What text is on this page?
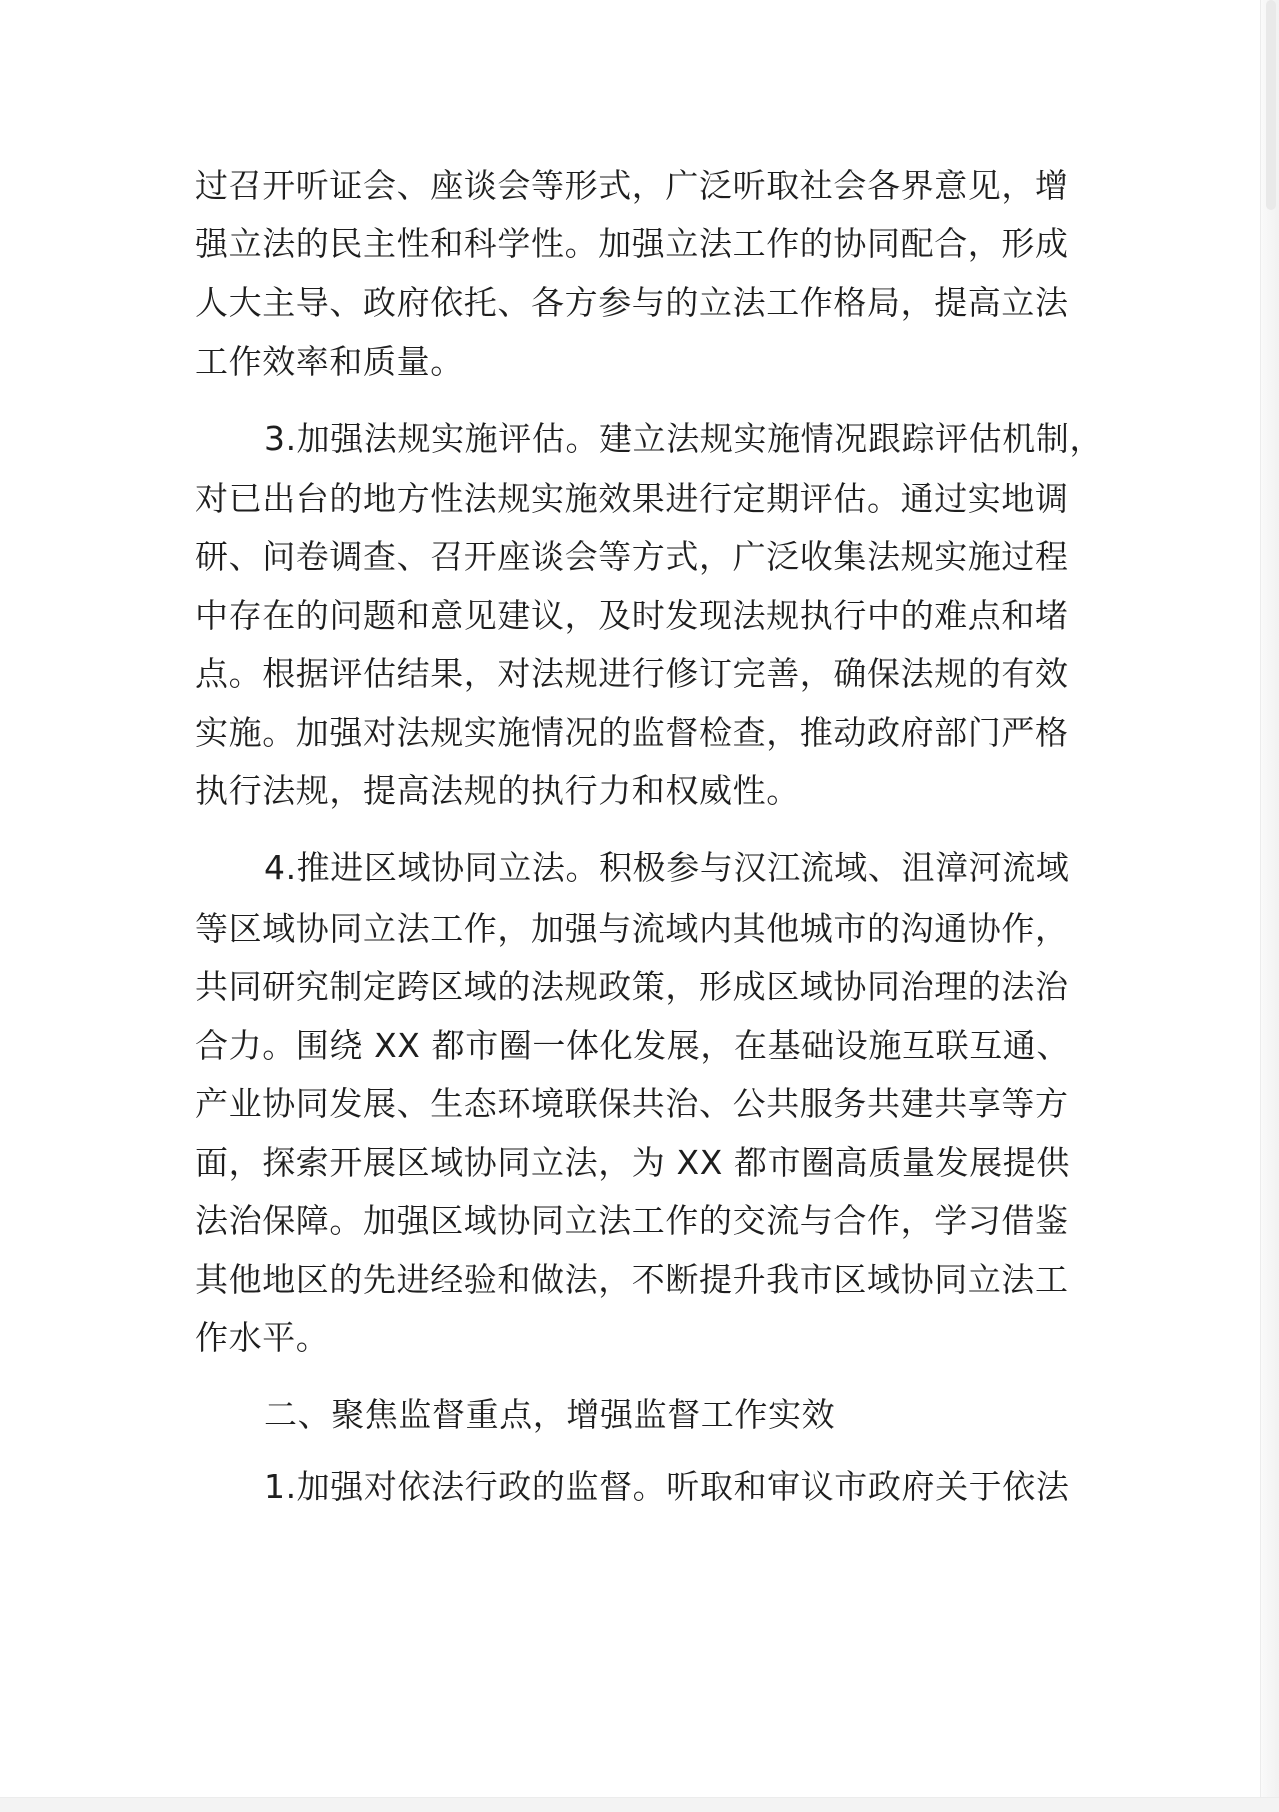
过召开听证会、座谈会等形式，广泛听取社会各界意见，增
强立法的民主性和科学性。加强立法工作的协同配合，形成
人大主导、政府依托、各方参与的立法工作格局，提高立法
工作效率和质量。
3.加强法规实施评估。建立法规实施情况跟踪评估机制，
对已出台的地方性法规实施效果进行定期评估。通过实地调
研、问卷调查、召开座谈会等方式，广泛收集法规实施过程
中存在的问题和意见建议，及时发现法规执行中的难点和堵
点。根据评估结果，对法规进行修订完善，确保法规的有效
实施。加强对法规实施情况的监督检查，推动政府部门严格
执行法规，提高法规的执行力和权威性。
4.推进区域协同立法。积极参与汉江流域、沮漳河流域
等区域协同立法工作，加强与流域内其他城市的沟通协作，
共同研究制定跨区域的法规政策，形成区域协同治理的法治
合力。围绕 XX 都市圈一体化发展，在基础设施互联互通、
产业协同发展、生态环境联保共治、公共服务共建共享等方
面，探索开展区域协同立法，为 XX 都市圈高质量发展提供
法治保障。加强区域协同立法工作的交流与合作，学习借鉴
其他地区的先进经验和做法，不断提升我市区域协同立法工
作水平。
二、聚焦监督重点，增强监督工作实效
1.加强对依法行政的监督。听取和审议市政府关于依法
